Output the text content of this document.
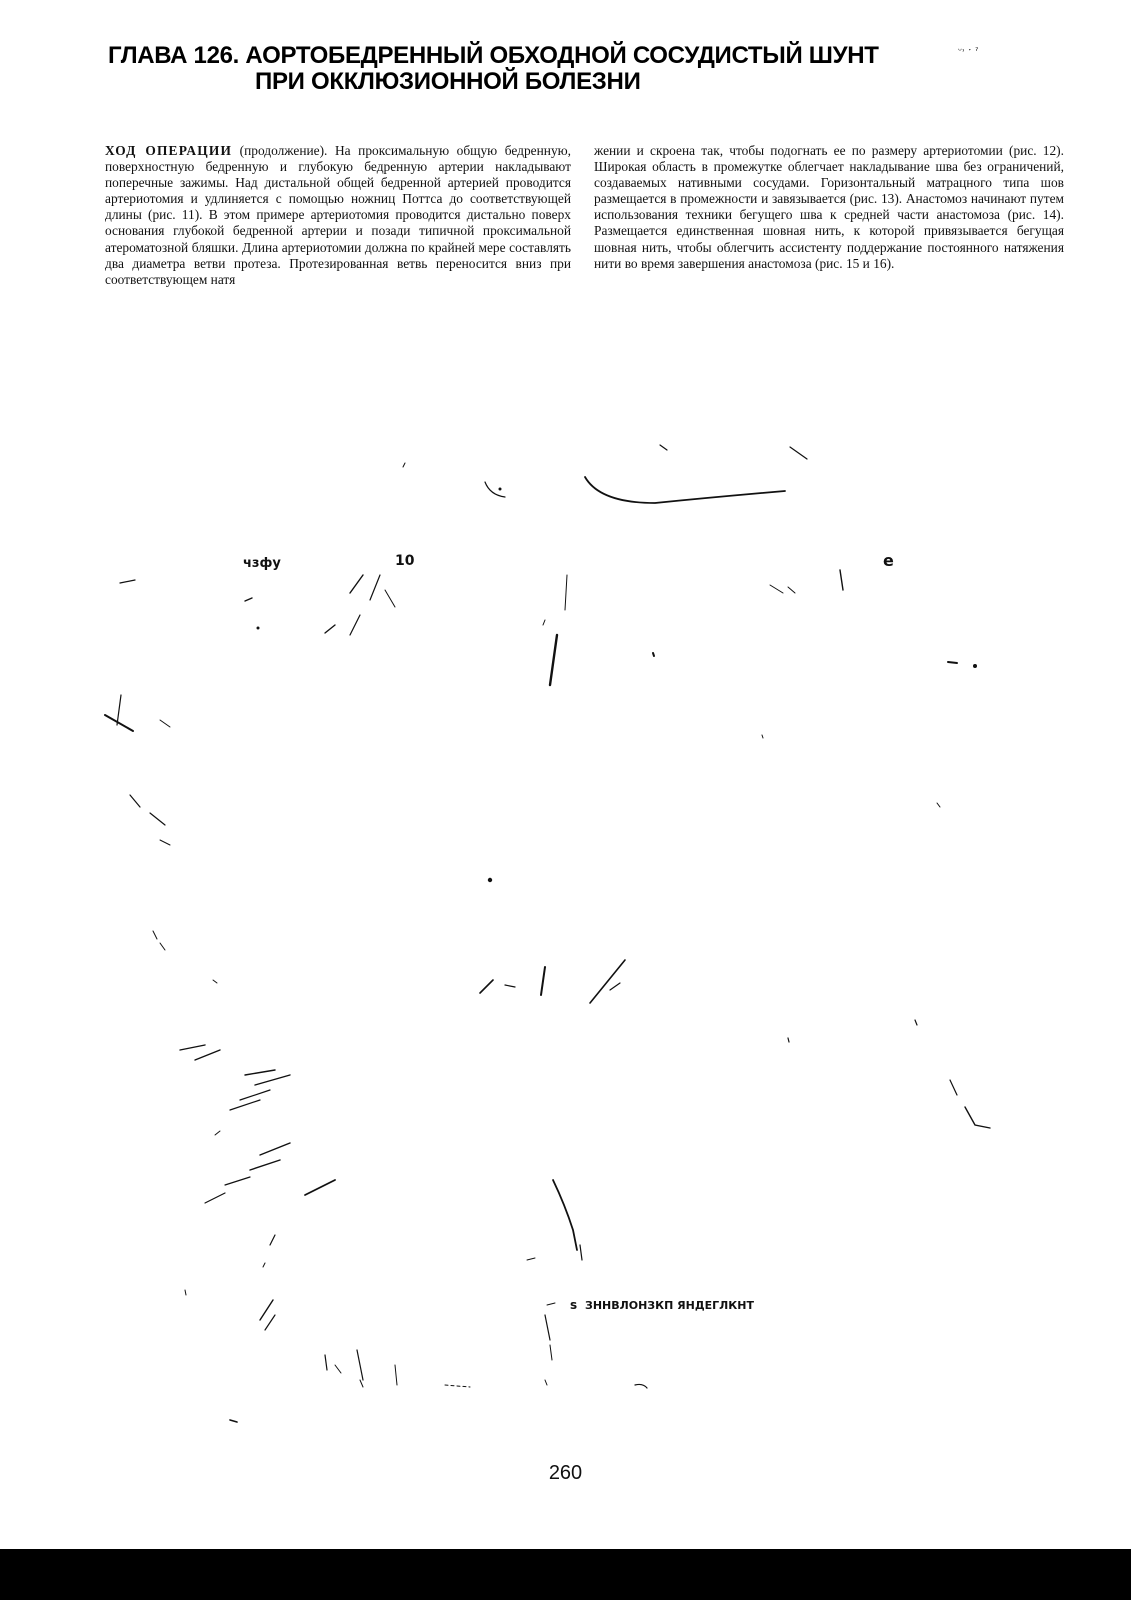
ГЛАВА 126. АОРТОБЕДРЕННЫЙ ОБХОДНОЙ СОСУДИСТЫЙ ШУНТ
ПРИ ОККЛЮЗИОННОЙ БОЛЕЗНИ
ᵕ˒ ˑ ˀ
ХОД ОПЕРАЦИИ (продолжение). На проксимальную общую бедренную, поверхностную бедренную и глубокую бедренную артерии накладывают поперечные зажимы. Над дистальной общей бедренной артерией проводится артериотомия и удлиняется с помощью ножниц Поттса до соответствующей длины (рис. 11). В этом примере артериотомия проводится дистально поверх основания глубокой бедренной артерии и позади типичной проксимальной атероматозной бляшки. Длина артериотомии должна по крайней мере составлять два диаметра ветви протеза. Протезированная ветвь переносится вниз при соответствующем натя
жении и скроена так, чтобы подогнать ее по размеру артериотомии (рис. 12). Широкая область в промежутке облегчает накладывание шва без ограничений, создаваемых нативными сосудами. Горизонтальный матрацного типа шов размещается в промежности и завязывается (рис. 13). Анастомоз начинают путем использования техники бегущего шва к средней части анастомоза (рис. 14). Размещается единственная шовная нить, к которой привязывается бегущая шовная нить, чтобы облегчить ассистенту поддержание постоянного натяжения нити во время завершения анастомоза (рис. 15 и 16).
чзфу	10	e
s ЗННВЛОНЗКП ЯНДЕГЛКНТ
260
